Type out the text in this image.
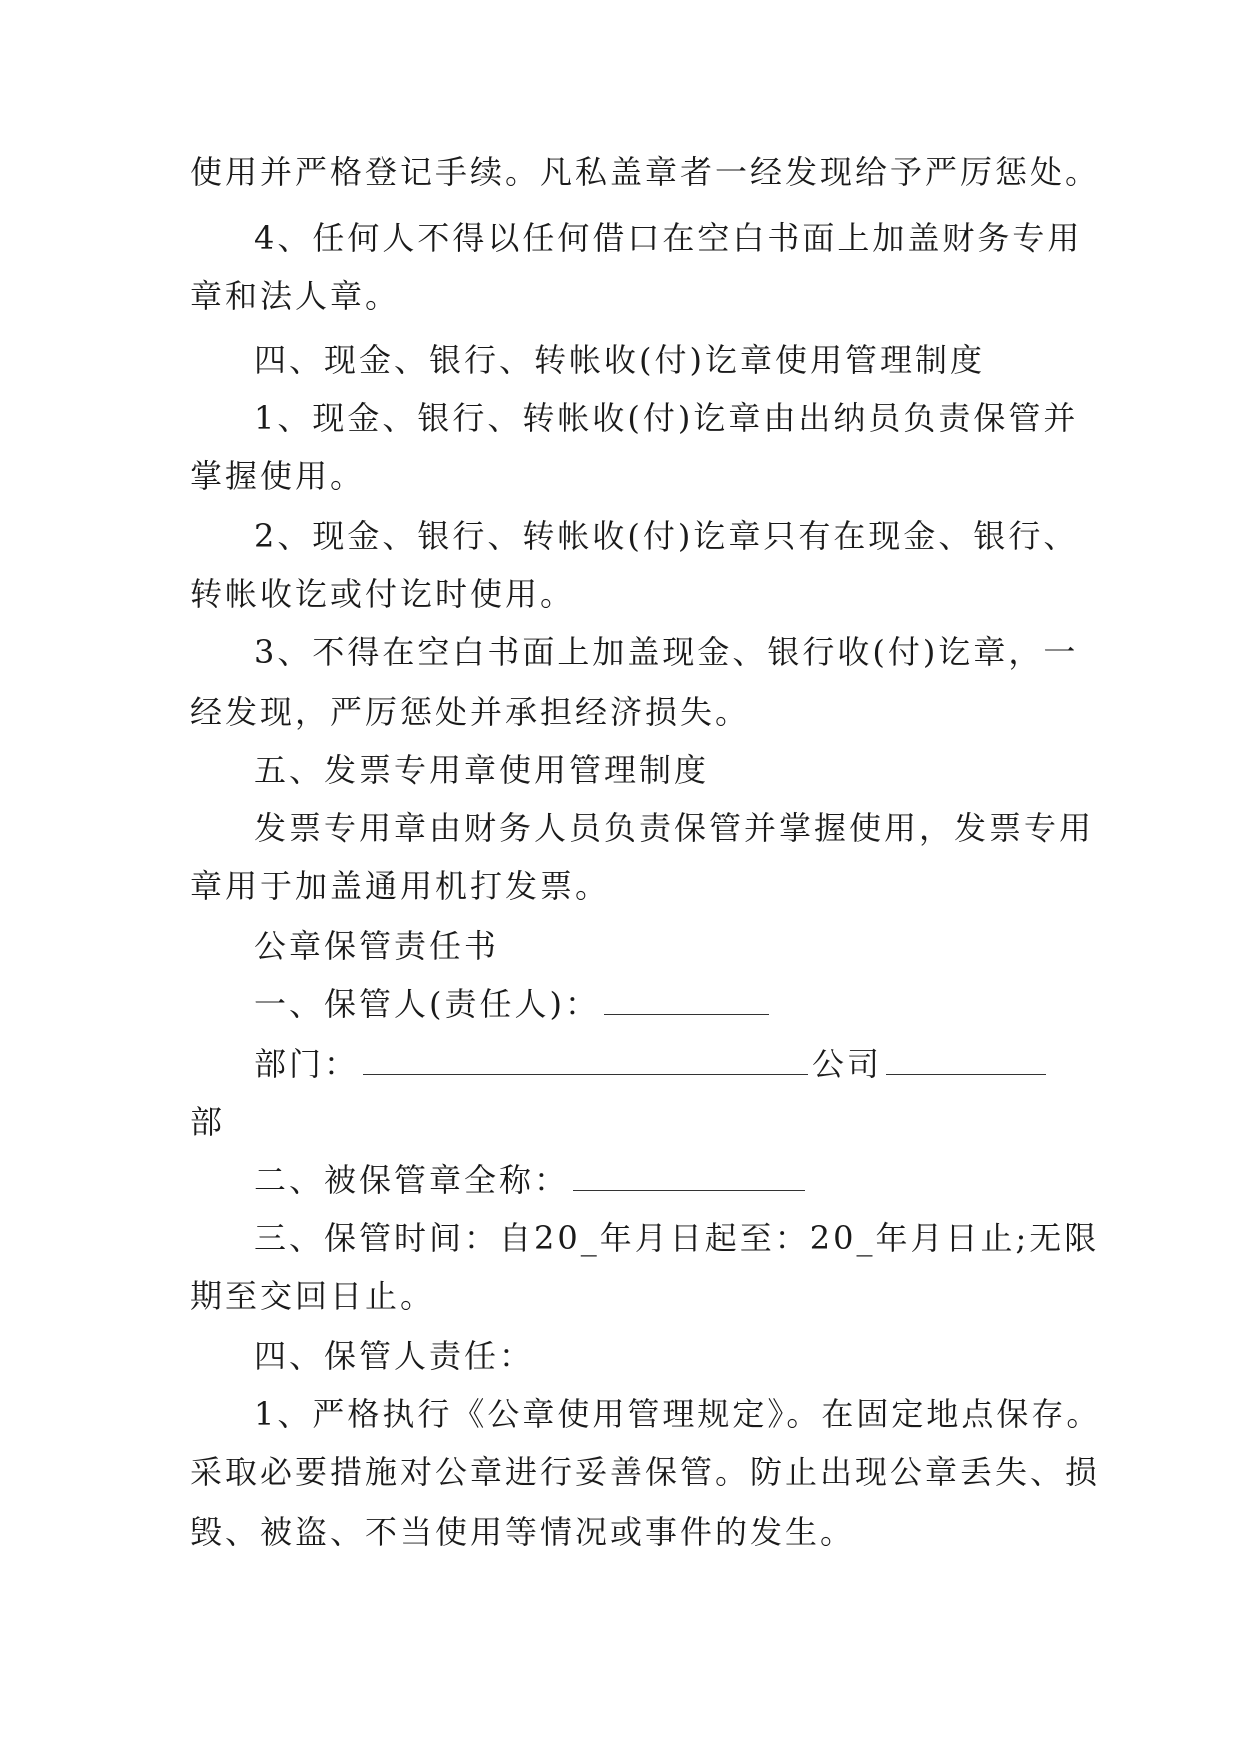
使用并严格登记手续。凡私盖章者一经发现给予严厉惩处。
4、任何人不得以任何借口在空白书面上加盖财务专用
章和法人章。
四、现金、银行、转帐收(付)讫章使用管理制度
1、现金、银行、转帐收(付)讫章由出纳员负责保管并
掌握使用。
2、现金、银行、转帐收(付)讫章只有在现金、银行、
转帐收讫或付讫时使用。
3、不得在空白书面上加盖现金、银行收(付)讫章，一
经发现，严厉惩处并承担经济损失。
五、发票专用章使用管理制度
发票专用章由财务人员负责保管并掌握使用，发票专用
章用于加盖通用机打发票。
公章保管责任书
一、保管人(责任人)：
部门：	公司
部
二、被保管章全称：
三、保管时间：自20_年月日起至：20_年月日止;无限
期至交回日止。
四、保管人责任：
1、严格执行《公章使用管理规定》。在固定地点保存。
采取必要措施对公章进行妥善保管。防止出现公章丢失、损
毁、被盗、不当使用等情况或事件的发生。
